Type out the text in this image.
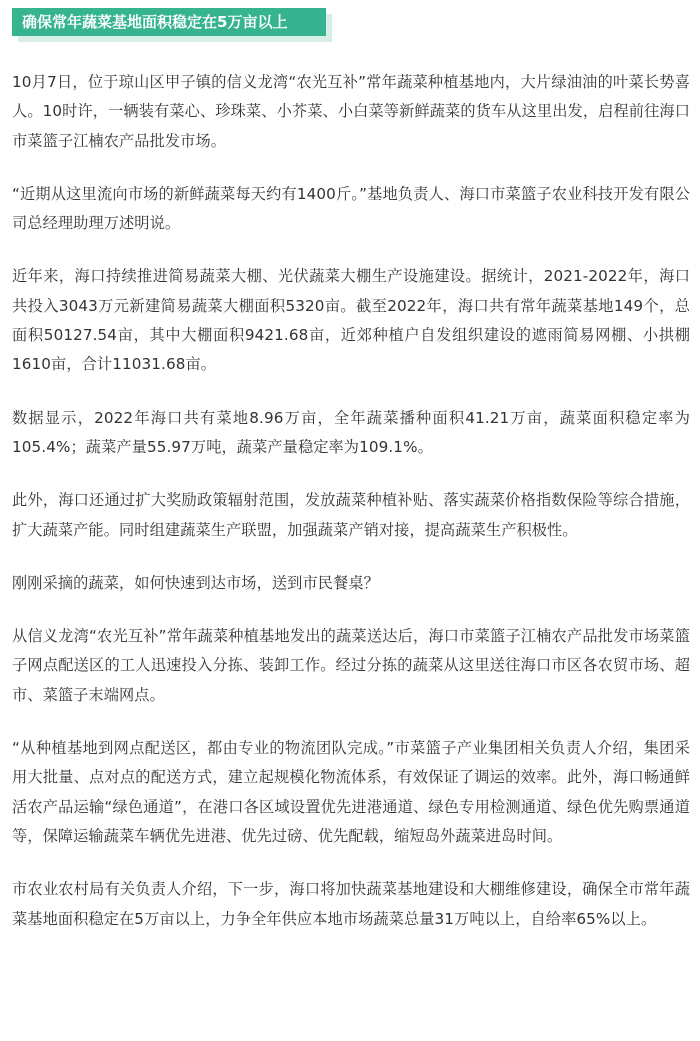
确保常年蔬菜基地面积稳定在5万亩以上

10月7日，位于琼山区甲子镇的信义龙湾“农光互补”常年蔬菜种植基地内，大片绿油油的叶菜长势喜人。10时许，一辆装有菜心、珍珠菜、小芥菜、小白菜等新鲜蔬菜的货车从这里出发，启程前往海口市菜篮子江楠农产品批发市场。

“近期从这里流向市场的新鲜蔬菜每天约有1400斤。”基地负责人、海口市菜篮子农业科技开发有限公司总经理助理万述明说。

近年来，海口持续推进简易蔬菜大棚、光伏蔬菜大棚生产设施建设。据统计，2021-2022年，海口共投入3043万元新建简易蔬菜大棚面积5320亩。截至2022年，海口共有常年蔬菜基地149个，总面积50127.54亩，其中大棚面积9421.68亩，近郊种植户自发组织建设的遮雨简易网棚、小拱棚1610亩，合计11031.68亩。

数据显示，2022年海口共有菜地8.96万亩，全年蔬菜播种面积41.21万亩，蔬菜面积稳定率为105.4%；蔬菜产量55.97万吨，蔬菜产量稳定率为109.1%。

此外，海口还通过扩大奖励政策辐射范围，发放蔬菜种植补贴、落实蔬菜价格指数保险等综合措施，扩大蔬菜产能。同时组建蔬菜生产联盟，加强蔬菜产销对接，提高蔬菜生产积极性。

刚刚采摘的蔬菜，如何快速到达市场，送到市民餐桌？

从信义龙湾“农光互补”常年蔬菜种植基地发出的蔬菜送达后，海口市菜篮子江楠农产品批发市场菜篮子网点配送区的工人迅速投入分拣、装卸工作。经过分拣的蔬菜从这里送往海口市区各农贸市场、超市、菜篮子末端网点。

“从种植基地到网点配送区，都由专业的物流团队完成。”市菜篮子产业集团相关负责人介绍，集团采用大批量、点对点的配送方式，建立起规模化物流体系，有效保证了调运的效率。此外，海口畅通鲜活农产品运输“绿色通道”，在港口各区域设置优先进港通道、绿色专用检测通道、绿色优先购票通道等，保障运输蔬菜车辆优先进港、优先过磅、优先配载，缩短岛外蔬菜进岛时间。

市农业农村局有关负责人介绍，下一步，海口将加快蔬菜基地建设和大棚维修建设，确保全市常年蔬菜基地面积稳定在5万亩以上，力争全年供应本地市场蔬菜总量31万吨以上，自给率65%以上。
